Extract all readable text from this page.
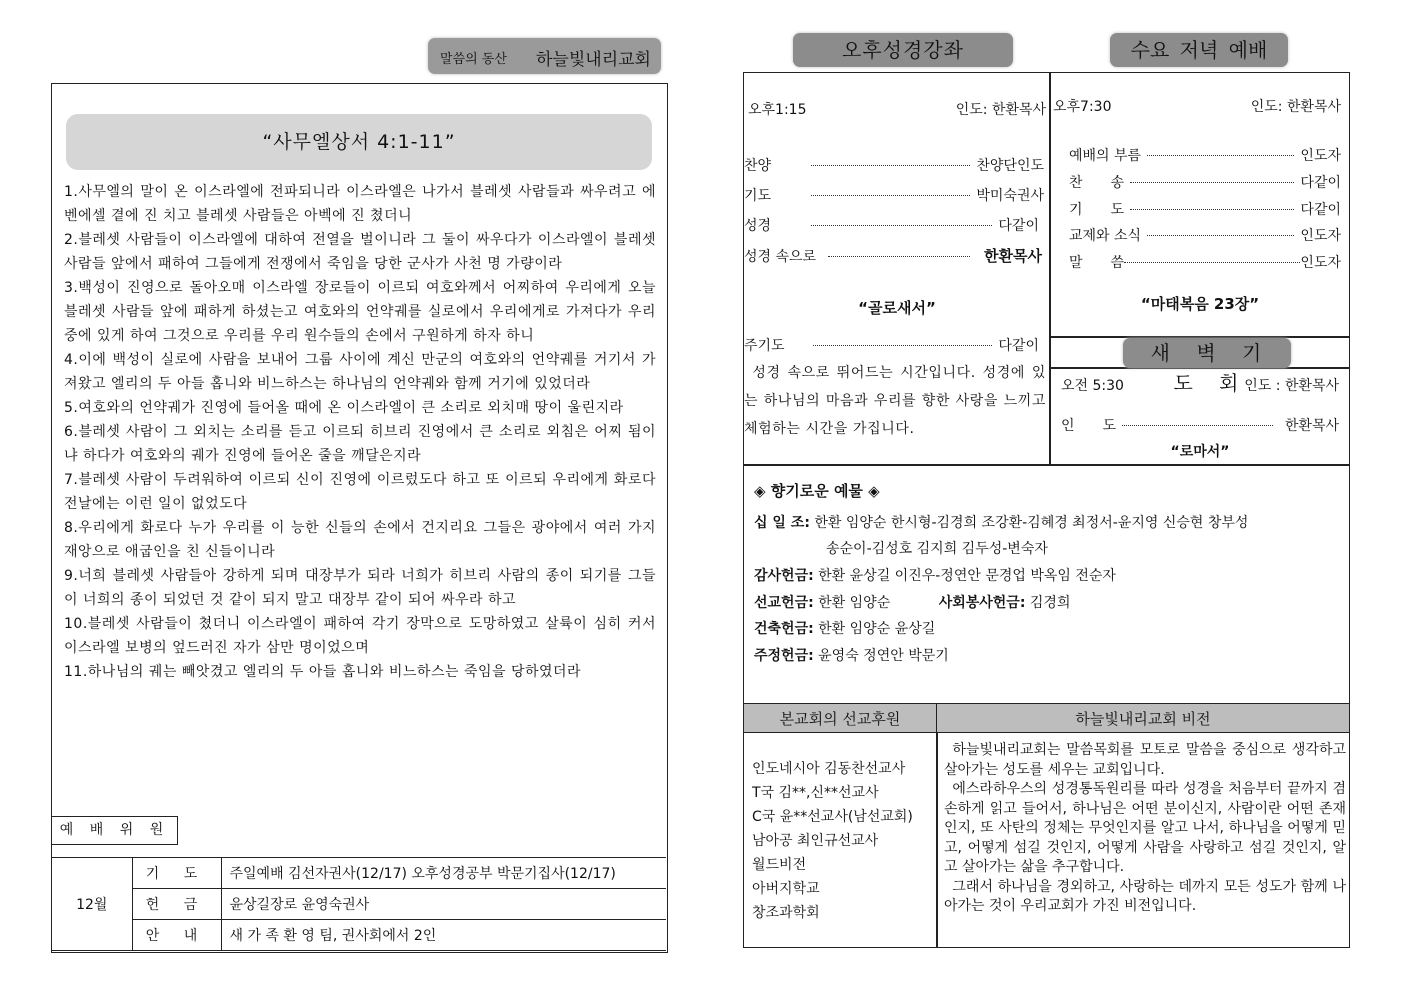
말씀의 동산 하늘빛내리교회
“사무엘상서 4:1-11”

1.사무엘의 말이 온 이스라엘에 전파되니라 이스라엘은 나가서 블레셋 사람들과 싸우려고 에벤에셀 곁에 진 치고 블레셋 사람들은 아벡에 진 쳤더니

2.블레셋 사람들이 이스라엘에 대하여 전열을 벌이니라 그 둘이 싸우다가 이스라엘이 블레셋 사람들 앞에서 패하여 그들에게 전쟁에서 죽임을 당한 군사가 사천 명 가량이라

3.백성이 진영으로 돌아오매 이스라엘 장로들이 이르되 여호와께서 어찌하여 우리에게 오늘 블레셋 사람들 앞에 패하게 하셨는고 여호와의 언약궤를 실로에서 우리에게로 가져다가 우리 중에 있게 하여 그것으로 우리를 우리 원수들의 손에서 구원하게 하자 하니

4.이에 백성이 실로에 사람을 보내어 그룹 사이에 계신 만군의 여호와의 언약궤를 거기서 가져왔고 엘리의 두 아들 홉니와 비느하스는 하나님의 언약궤와 함께 거기에 있었더라

5.여호와의 언약궤가 진영에 들어올 때에 온 이스라엘이 큰 소리로 외치매 땅이 울린지라

6.블레셋 사람이 그 외치는 소리를 듣고 이르되 히브리 진영에서 큰 소리로 외침은 어찌 됨이냐 하다가 여호와의 궤가 진영에 들어온 줄을 깨달은지라

7.블레셋 사람이 두려워하여 이르되 신이 진영에 이르렀도다 하고 또 이르되 우리에게 화로다 전날에는 이런 일이 없었도다

8.우리에게 화로다 누가 우리를 이 능한 신들의 손에서 건지리요 그들은 광야에서 여러 가지 재앙으로 애굽인을 친 신들이니라

9.너희 블레셋 사람들아 강하게 되며 대장부가 되라 너희가 히브리 사람의 종이 되기를 그들이 너희의 종이 되었던 것 같이 되지 말고 대장부 같이 되어 싸우라 하고

10.블레셋 사람들이 쳤더니 이스라엘이 패하여 각기 장막으로 도망하였고 살륙이 심히 커서 이스라엘 보병의 엎드러진 자가 삼만 명이었으며

11.하나님의 궤는 빼앗겼고 엘리의 두 아들 홉니와 비느하스는 죽임을 당하였더라

예 배 위 원
12월	기 도	주일예배 김선자권사(12/17) 오후성경공부 박문기집사(12/17)
	헌 금	윤상길장로 윤영숙권사
	안 내	새 가 족 환 영 팀, 권사회에서 2인
오후성경강좌	수요 저녁 예배
오후1:15	인도: 한환목사
찬양	찬양단인도
기도	박미숙권사
성경	다같이
성경 속으로	한환목사
“골로새서”
주기도	다같이
성경 속으로 뛰어드는 시간입니다. 성경에 있는 하나님의 마음과 우리를 향한 사랑을 느끼고 체험하는 시간을 가집니다.
오후7:30	인도: 한환목사
예배의 부름	인도자
찬　　송	다같이
기　　도	다같이
교제와 소식	인도자
말　　씀	인도자
“마태복음 23장”
새 벽 기 도 회
오전 5:30	인도 : 한환목사
인　　도	한환목사
“로마서”
◈ 향기로운 예물 ◈
십 일 조: 한환 임양순 한시형-김경희 조강환-김혜경 최정서-윤지영 신승현 창부성
송순이-김성호 김지희 김두성-변숙자
감사헌금: 한환 윤상길 이진우-정연안 문경업 박옥임 전순자
선교헌금: 한환 임양순	사회봉사헌금: 김경희
건축헌금: 한환 임양순 윤상길
주정헌금: 윤영숙 정연안 박문기
본교회의 선교후원	하늘빛내리교회 비전
인도네시아 김동찬선교사
T국 김**,신**선교사
C국 윤**선교사(남선교회)
남아공 최인규선교사
월드비전
아버지학교
창조과학회

하늘빛내리교회는 말씀목회를 모토로 말씀을 중심으로 생각하고 살아가는 성도를 세우는 교회입니다.

에스라하우스의 성경통독원리를 따라 성경을 처음부터 끝까지 겸손하게 읽고 들어서, 하나님은 어떤 분이신지, 사람이란 어떤 존재인지, 또 사탄의 정체는 무엇인지를 알고 나서, 하나님을 어떻게 믿고, 어떻게 섬길 것인지, 어떻게 사람을 사랑하고 섬길 것인지, 알고 살아가는 삶을 추구합니다.

그래서 하나님을 경외하고, 사랑하는 데까지 모든 성도가 함께 나아가는 것이 우리교회가 가진 비전입니다.
